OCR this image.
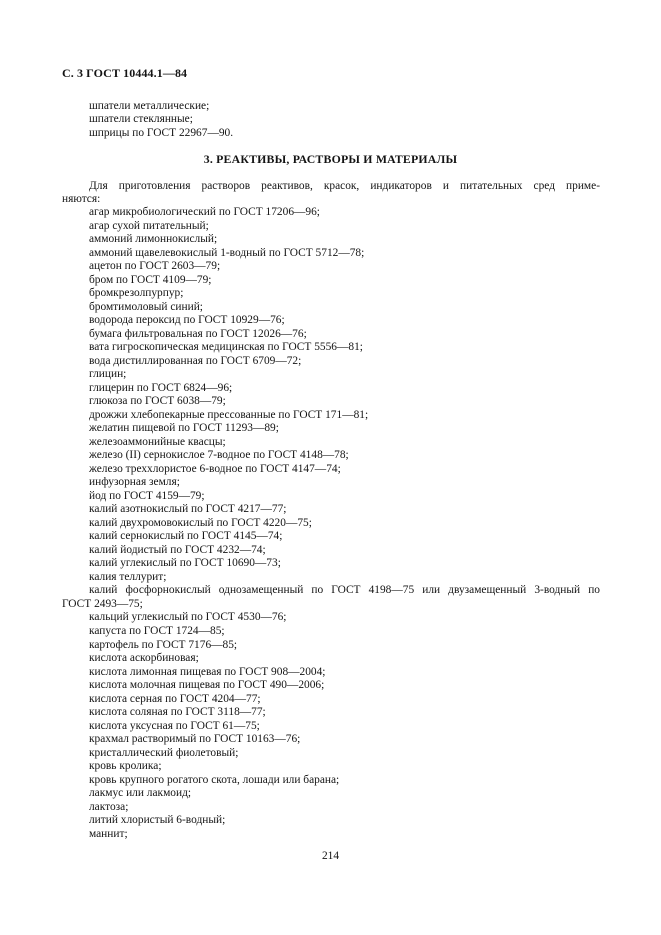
С. 3 ГОСТ 10444.1—84
шпатели металлические;
шпатели стеклянные;
шприцы по ГОСТ 22967—90.
3. РЕАКТИВЫ, РАСТВОРЫ И МАТЕРИАЛЫ

Для приготовления растворов реактивов, красок, индикаторов и питательных сред приме-

няются:

агар микробиологический по ГОСТ 17206—96;
агар сухой питательный;
аммоний лимоннокислый;
аммоний щавелевокислый 1-водный по ГОСТ 5712—78;
ацетон по ГОСТ 2603—79;
бром по ГОСТ 4109—79;
бромкрезолпурпур;
бромтимоловый синий;
водорода пероксид по ГОСТ 10929—76;
бумага фильтровальная по ГОСТ 12026—76;
вата гигроскопическая медицинская по ГОСТ 5556—81;
вода дистиллированная по ГОСТ 6709—72;
глицин;
глицерин по ГОСТ 6824—96;
глюкоза по ГОСТ 6038—79;
дрожжи хлебопекарные прессованные по ГОСТ 171—81;
желатин пищевой по ГОСТ 11293—89;
железоаммонийные квасцы;
железо (II) сернокислое 7-водное по ГОСТ 4148—78;
железо треххлористое 6-водное по ГОСТ 4147—74;
инфузорная земля;
йод по ГОСТ 4159—79;
калий азотнокислый по ГОСТ 4217—77;
калий двухромовокислый по ГОСТ 4220—75;
калий сернокислый по ГОСТ 4145—74;
калий йодистый по ГОСТ 4232—74;
калий углекислый по ГОСТ 10690—73;
калия теллурит;
калий фосфорнокислый однозамещенный по ГОСТ 4198—75 или двузамещенный 3-водный по
ГОСТ 2493—75;
кальций углекислый по ГОСТ 4530—76;
капуста по ГОСТ 1724—85;
картофель по ГОСТ 7176—85;
кислота аскорбиновая;
кислота лимонная пищевая по ГОСТ 908—2004;
кислота молочная пищевая по ГОСТ 490—2006;
кислота серная по ГОСТ 4204—77;
кислота соляная по ГОСТ 3118—77;
кислота уксусная по ГОСТ 61—75;
крахмал растворимый по ГОСТ 10163—76;
кристаллический фиолетовый;
кровь кролика;
кровь крупного рогатого скота, лошади или барана;
лакмус или лакмоид;
лактоза;
литий хлористый 6-водный;
маннит;
214
